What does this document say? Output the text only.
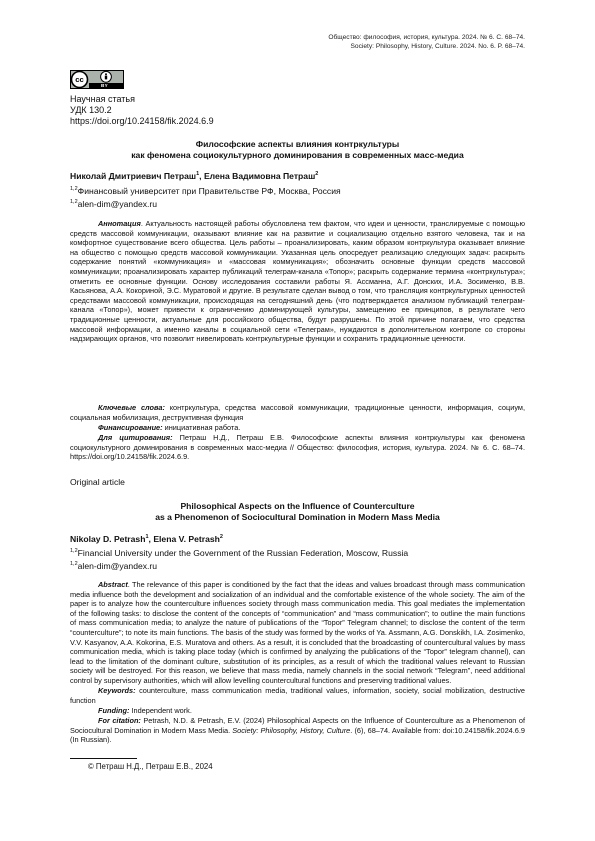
Общество: философия, история, культура. 2024. № 6. С. 68–74.
Society: Philosophy, History, Culture. 2024. No. 6. P. 68–74.
cc
BY
Научная статья
УДК 130.2
https://doi.org/10.24158/fik.2024.6.9
Философские аспекты влияния контркультуры
как феномена социокультурного доминирования в современных масс-медиа
Николай Дмитриевич Петраш$^1$, Елена Вадимовна Петраш$^2$
$^{1,2}$Финансовый университет при Правительстве РФ, Москва, Россия
$^{1,2}$alen-dim@yandex.ru
Аннотация. Актуальность настоящей работы обусловлена тем фактом, что идеи и ценности, транслируемые с помощью средств массовой коммуникации, оказывают влияние как на развитие и социализацию отдельно взятого человека, так и на комфортное существование всего общества. Цель работы – проанализировать, каким образом контркультура оказывает влияние на общество с помощью средств массовой коммуникации. Указанная цель опосредует реализацию следующих задач: раскрыть содержание понятий «коммуникация» и «массовая коммуникация»; обозначить основные функции средств массовой коммуникации; проанализировать характер публикаций телеграм-канала «Топор»; раскрыть содержание термина «контркультура»; отметить ее основные функции. Основу исследования составили работы Я. Ассманна, А.Г. Донских, И.А. Зосименко, В.В. Касьянова, А.А. Кокориной, Э.С. Муратовой и другие. В результате сделан вывод о том, что трансляция контркультурных ценностей средствами массовой коммуникации, происходящая на сегодняшний день (что подтверждается анализом публикаций телеграм-канала «Топор»), может привести к ограничению доминирующей культуры, замещению ее принципов, в результате чего традиционные ценности, актуальные для российского общества, будут разрушены. По этой причине полагаем, что средства массовой информации, а именно каналы в социальной сети «Телеграм», нуждаются в дополнительном контроле со стороны надзирающих органов, что позволит нивелировать контркультурные функции и сохранить традиционные ценности.
Ключевые слова: контркультура, средства массовой коммуникации, традиционные ценности, информация, социум, социальная мобилизация, деструктивная функция
Финансирование: инициативная работа.
Для цитирования: Петраш Н.Д., Петраш Е.В. Философские аспекты влияния контркультуры как феномена социокультурного доминирования в современных масс-медиа // Общество: философия, история, культура. 2024. № 6. С. 68–74. https://doi.org/10.24158/fik.2024.6.9.
Original article
Philosophical Aspects on the Influence of Counterculture
as a Phenomenon of Sociocultural Domination in Modern Mass Media
Nikolay D. Petrash$^1$, Elena V. Petrash$^2$
$^{1,2}$Financial University under the Government of the Russian Federation, Moscow, Russia
$^{1,2}$alen-dim@yandex.ru
Abstract. The relevance of this paper is conditioned by the fact that the ideas and values broadcast through mass communication media influence both the development and socialization of an individual and the comfortable existence of the whole society. The aim of the paper is to analyze how the counterculture influences society through mass communication media. This goal mediates the implementation of the following tasks: to disclose the content of the concepts of “communication” and “mass communication”; to outline the main functions of mass communication media; to analyze the nature of publications of the “Topor” Telegram channel; to disclose the content of the term “counterculture”; to note its main functions. The basis of the study was formed by the works of Ya. Assmann, A.G. Donskikh, I.A. Zosimenko, V.V. Kasyanov, A.A. Kokorina, E.S. Muratova and others. As a result, it is concluded that the broadcasting of countercultural values by mass communication media, which is taking place today (which is confirmed by analyzing the publications of the “Topor” telegram channel), can lead to the limitation of the dominant culture, substitution of its principles, as a result of which the traditional values relevant to Russian society will be destroyed. For this reason, we believe that mass media, namely channels in the social network “Telegram”, need additional control by supervisory authorities, which will allow levelling countercultural functions and preserving traditional values.
Keywords: counterculture, mass communication media, traditional values, information, society, social mobilization, destructive function
Funding: Independent work.
For citation: Petrash, N.D. & Petrash, E.V. (2024) Philosophical Aspects on the Influence of Counterculture as a Phenomenon of Sociocultural Domination in Modern Mass Media. Society: Philosophy, History, Culture. (6), 68–74. Available from: doi:10.24158/fik.2024.6.9 (In Russian).
© Петраш Н.Д., Петраш Е.В., 2024
